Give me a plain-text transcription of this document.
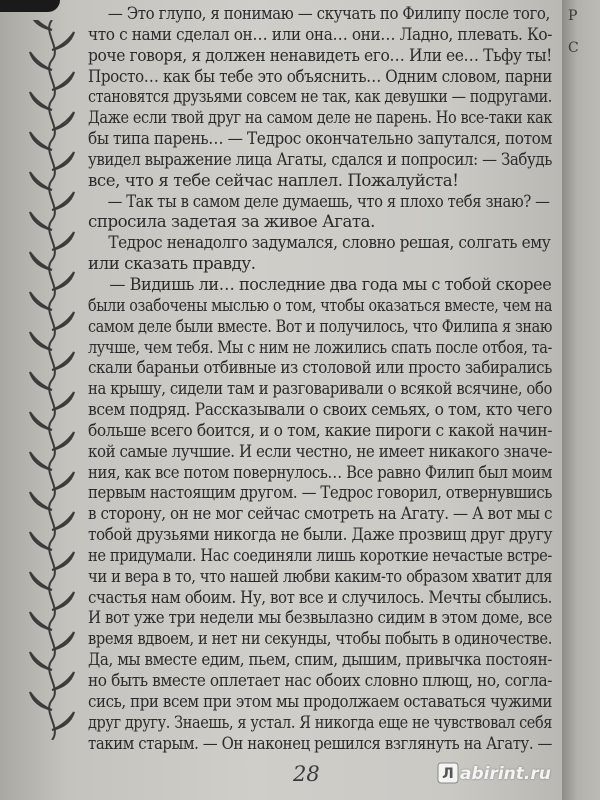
— Это глупо, я понимаю — скучать по Филипу после того,
что с нами сделал он… или она… они… Ладно, плевать. Ко-
роче говоря, я должен ненавидеть его… Или ее… Тьфу ты!
Просто… как бы тебе это объяснить… Одним словом, парни
становятся друзьями совсем не так, как девушки — подругами.
Даже если твой друг на самом деле не парень. Но все-таки как
бы типа парень… — Тедрос окончательно запутался, потом
увидел выражение лица Агаты, сдался и попросил: — Забудь
все, что я тебе сейчас наплел. Пожалуйста!
— Так ты в самом деле думаешь, что я плохо тебя знаю? —
спросила задетая за живое Агата.
Тедрос ненадолго задумался, словно решая, солгать ему
или сказать правду.
— Видишь ли… последние два года мы с тобой скорее
были озабочены мыслью о том, чтобы оказаться вместе, чем на
самом деле были вместе. Вот и получилось, что Филипа я знаю
лучше, чем тебя. Мы с ним не ложились спать после отбоя, та-
скали бараньи отбивные из столовой или просто забирались
на крышу, сидели там и разговаривали о всякой всячине, обо
всем подряд. Рассказывали о своих семьях, о том, кто чего
больше всего боится, и о том, какие пироги с какой начин-
кой самые лучшие. И если честно, не имеет никакого значе-
ния, как все потом повернулось… Все равно Филип был моим
первым настоящим другом. — Тедрос говорил, отвернувшись
в сторону, он не мог сейчас смотреть на Агату. — А вот мы с
тобой друзьями никогда не были. Даже прозвищ друг другу
не придумали. Нас соединяли лишь короткие нечастые встре-
чи и вера в то, что нашей любви каким-то образом хватит для
счастья нам обоим. Ну, вот все и случилось. Мечты сбылись.
И вот уже три недели мы безвылазно сидим в этом доме, все
время вдвоем, и нет ни секунды, чтобы побыть в одиночестве.
Да, мы вместе едим, пьем, спим, дышим, привычка постоян-
но быть вместе оплетает нас обоих словно плющ, но, согла-
сись, при всем при этом мы продолжаем оставаться чужими
друг другу. Знаешь, я устал. Я никогда еще не чувствовал себя
таким старым. — Он наконец решился взглянуть на Агату. —
28
P
C
Л abirint.ru
